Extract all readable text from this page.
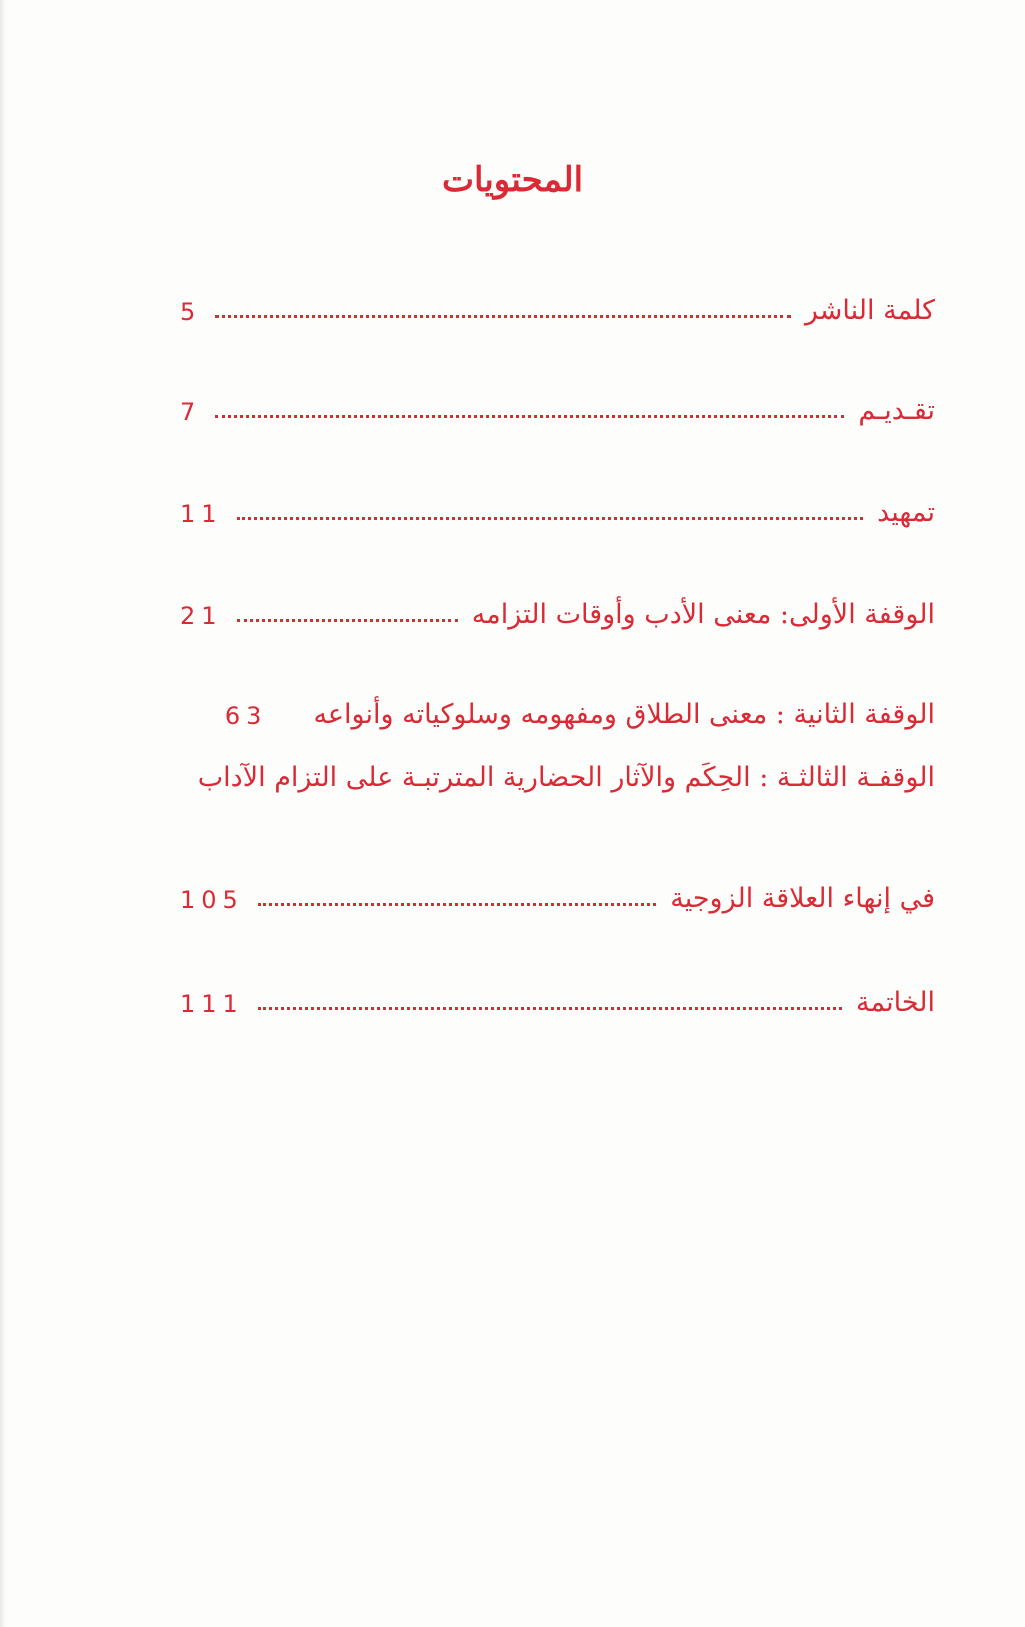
المحتويات
كلمة الناشر
5
تقـديـم
7
تمهيد
11
الوقفة الأولى: معنى الأدب وأوقات التزامه
21
الوقفة الثانية : معنى الطلاق ومفهومه وسلوكياته وأنواعه
63
الوقفـة الثالثـة : الحِكَم والآثار الحضارية المترتبـة على التزام الآداب
في إنهاء العلاقة الزوجية
105
الخاتمة
111
